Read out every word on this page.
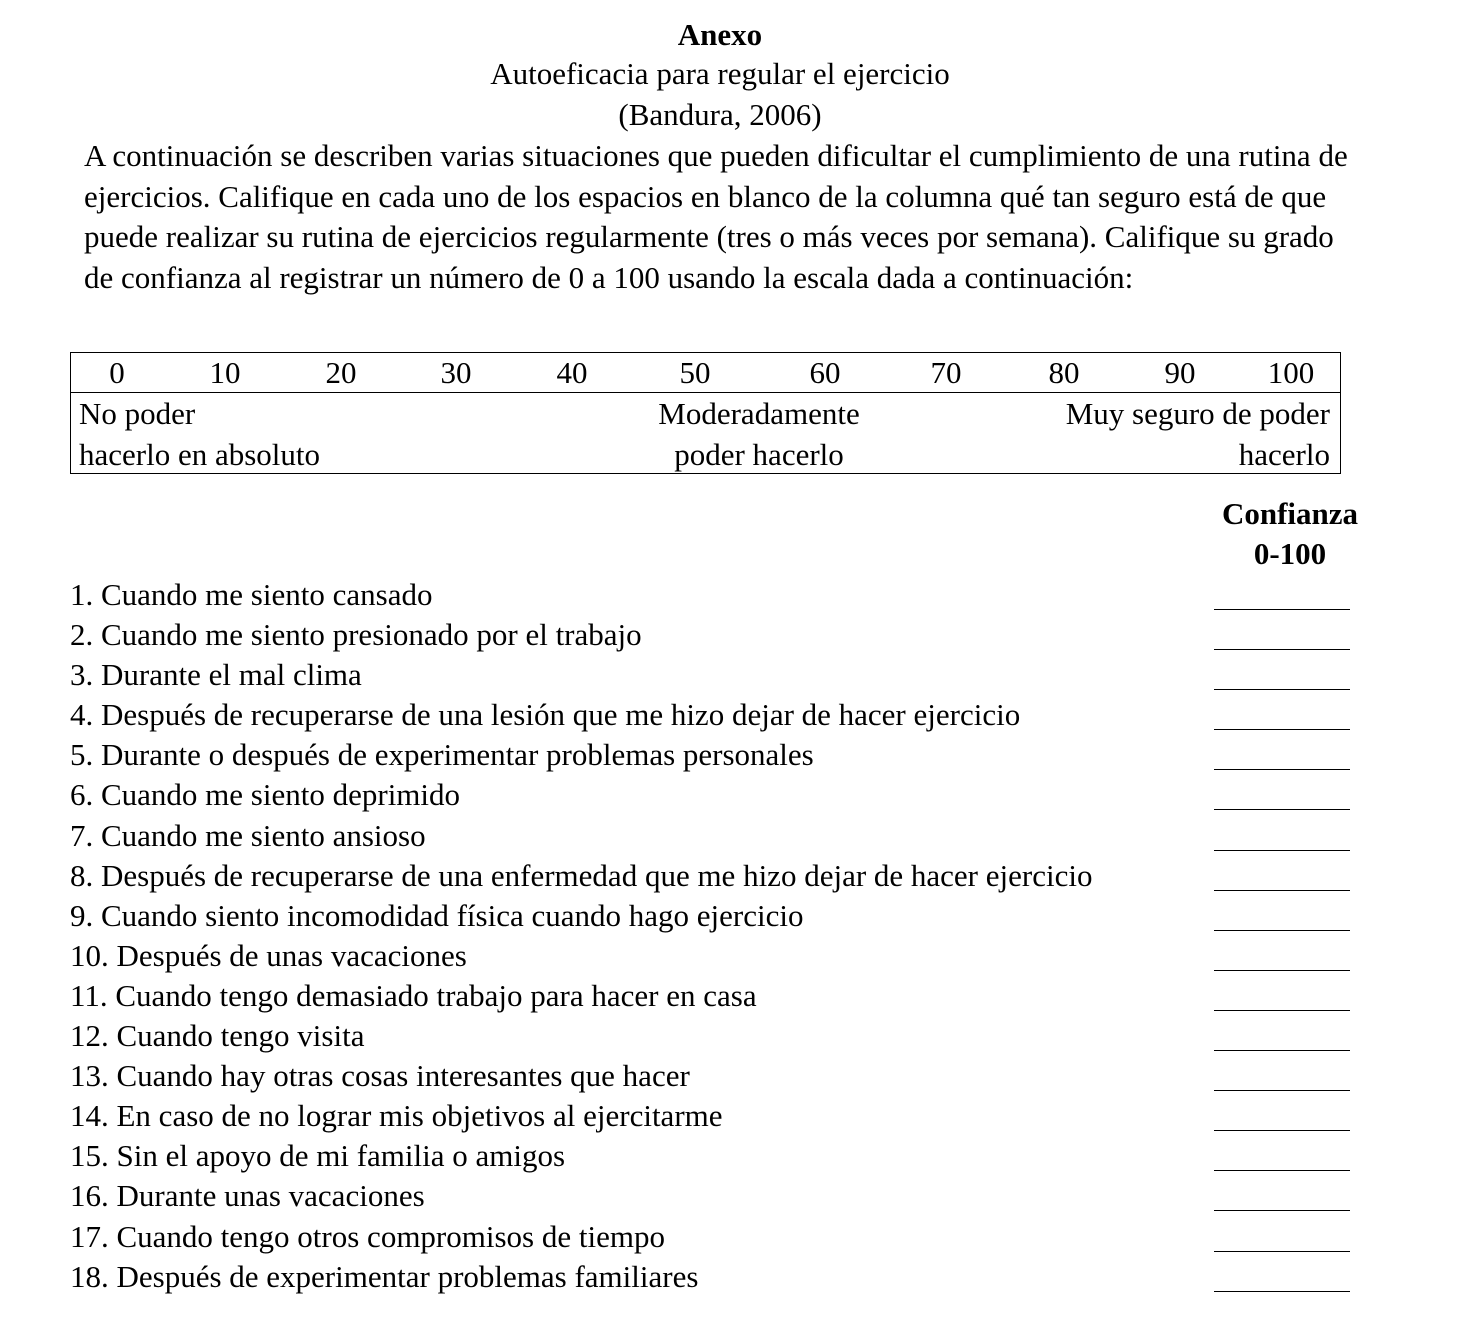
Anexo
Autoeficacia para regular el ejercicio
(Bandura, 2006)
A continuación se describen varias situaciones que pueden dificultar el cumplimiento de una rutina de ejercicios. Califique en cada uno de los espacios en blanco de la columna qué tan seguro está de que puede realizar su rutina de ejercicios regularmente (tres o más veces por semana). Califique su grado de confianza al registrar un número de 0 a 100 usando la escala dada a continuación:
0	10	20	30	40	50	60	70	80	90 100
No poder
hacerlo en absoluto
Moderadamente
poder hacerlo
Muy seguro de poder
hacerlo
Confianza
0-100
1. Cuando me siento cansado
2. Cuando me siento presionado por el trabajo
3. Durante el mal clima
4. Después de recuperarse de una lesión que me hizo dejar de hacer ejercicio
5. Durante o después de experimentar problemas personales
6. Cuando me siento deprimido
7. Cuando me siento ansioso
8. Después de recuperarse de una enfermedad que me hizo dejar de hacer ejercicio
9. Cuando siento incomodidad física cuando hago ejercicio
10. Después de unas vacaciones
11. Cuando tengo demasiado trabajo para hacer en casa
12. Cuando tengo visita
13. Cuando hay otras cosas interesantes que hacer
14. En caso de no lograr mis objetivos al ejercitarme
15. Sin el apoyo de mi familia o amigos
16. Durante unas vacaciones
17. Cuando tengo otros compromisos de tiempo
18. Después de experimentar problemas familiares
